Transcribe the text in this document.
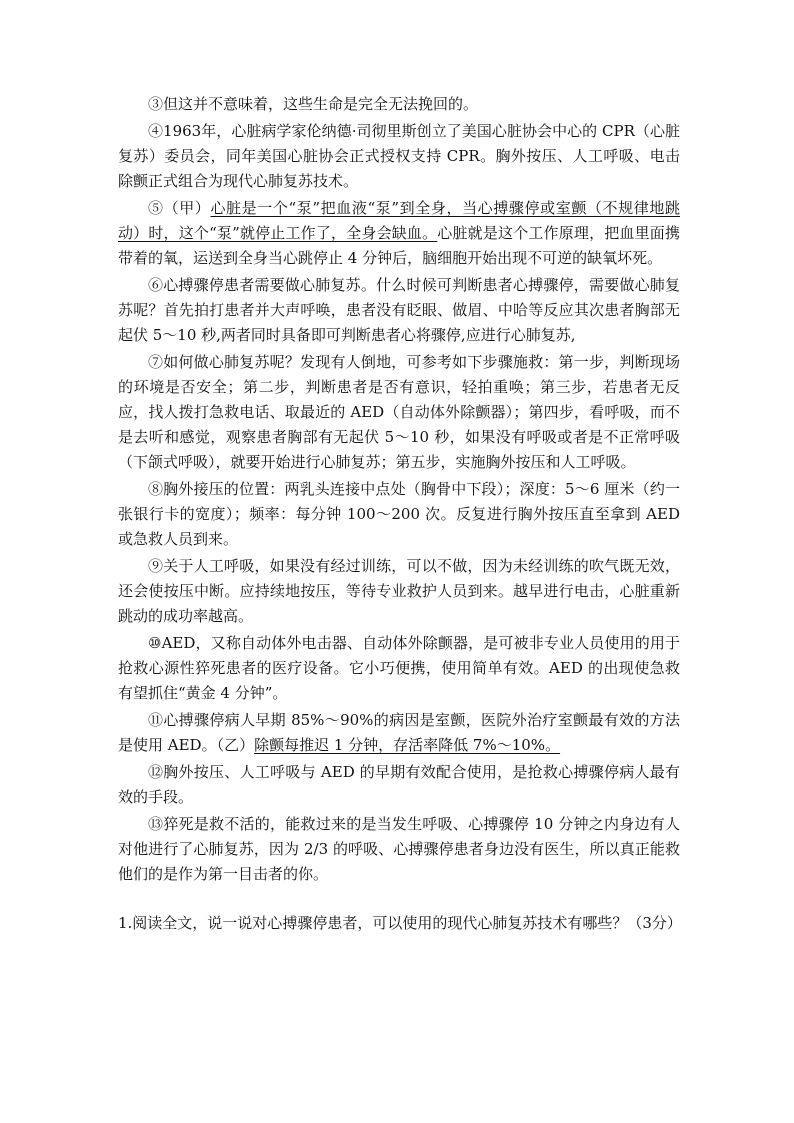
③但这并不意味着，这些生命是完全无法挽回的。

④1963年，心脏病学家伦纳德·司彻里斯创立了美国心脏协会中心的 CPR（心脏复苏）委员会，同年美国心脏协会正式授权支持 CPR。胸外按压、人工呼吸、电击除颤正式组合为现代心肺复苏技术。

⑤（甲）心脏是一个“泵”把血液“泵”到全身，当心搏骤停或室颤（不规律地跳动）时，这个“泵”就停止工作了，全身会缺血。心脏就是这个工作原理，把血里面携带着的氧，运送到全身当心跳停止 4 分钟后，脑细胞开始出现不可逆的缺氧坏死。

⑥心搏骤停患者需要做心肺复苏。什么时候可判断患者心搏骤停，需要做心肺复苏呢？首先拍打患者并大声呼唤，患者没有眨眼、做眉、中哈等反应其次患者胸部无起伏 5～10 秒,两者同时具备即可判断患者心将骤停,应进行心肺复苏,

⑦如何做心肺复苏呢？发现有人倒地，可参考如下步骤施救：第一步，判断现场的环境是否安全；第二步，判断患者是否有意识，轻拍重唤；第三步，若患者无反应，找人拨打急救电话、取最近的 AED（自动体外除颤器）；第四步，看呼吸，而不是去听和感觉，观察患者胸部有无起伏 5～10 秒，如果没有呼吸或者是不正常呼吸（下颌式呼吸），就要开始进行心肺复苏；第五步，实施胸外按压和人工呼吸。

⑧胸外接压的位置：两乳头连接中点处（胸骨中下段）；深度：5～6 厘米（约一张银行卡的宽度）；频率：每分钟 100～200 次。反复进行胸外按压直至拿到 AED 或急救人员到来。

⑨关于人工呼吸，如果没有经过训练，可以不做，因为未经训练的吹气既无效，还会使按压中断。应持续地按压，等待专业救护人员到来。越早进行电击，心脏重新跳动的成功率越高。

⑩AED，又称自动体外电击器、自动体外除颤器，是可被非专业人员使用的用于抢救心源性猝死患者的医疗设备。它小巧便携，使用简单有效。AED 的出现使急救有望抓住“黄金 4 分钟”。

⑪心搏骤停病人早期 85%～90%的病因是室颤，医院外治疗室颤最有效的方法是使用 AED。（乙）除颤每推迟 1 分钟，存活率降低 7%～10%。

⑫胸外按压、人工呼吸与 AED 的早期有效配合使用，是抢救心搏骤停病人最有效的手段。

⑬猝死是救不活的，能救过来的是当发生呼吸、心搏骤停 10 分钟之内身边有人对他进行了心肺复苏，因为 2/3 的呼吸、心搏骤停患者身边没有医生，所以真正能救他们的是作为第一目击者的你。

1.阅读全文，说一说对心搏骤停患者，可以使用的现代心肺复苏技术有哪些？（3分）
